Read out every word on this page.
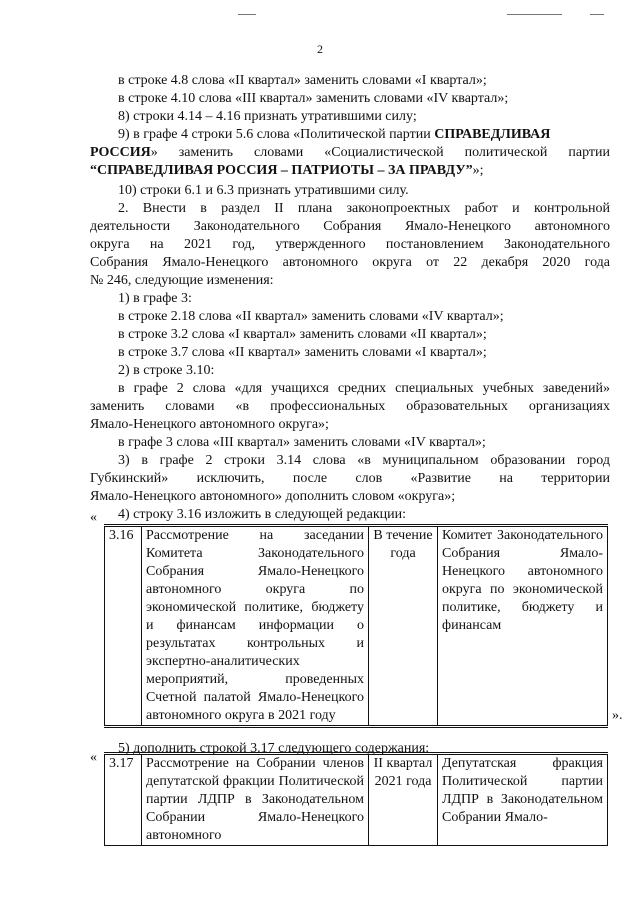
2
в строке 4.8 слова «II квартал» заменить словами «I квартал»;
в строке 4.10 слова «III квартал» заменить словами «IV квартал»;
8) строки 4.14 – 4.16 признать утратившими силу;
9) в графе 4 строки 5.6 слова «Политической партии СПРАВЕДЛИВАЯ
РОССИЯ» заменить словами «Социалистической политической партии
“СПРАВЕДЛИВАЯ РОССИЯ – ПАТРИОТЫ – ЗА ПРАВДУ”»;
10) строки 6.1 и 6.3 признать утратившими силу.
2. Внести в раздел II плана законопроектных работ и контрольной
деятельности Законодательного Собрания Ямало-Ненецкого автономного
округа на 2021 год, утвержденного постановлением Законодательного
Собрания Ямало-Ненецкого автономного округа от 22 декабря 2020 года
№ 246, следующие изменения:
1) в графе 3:
в строке 2.18 слова «II квартал» заменить словами «IV квартал»;
в строке 3.2 слова «I квартал» заменить словами «II квартал»;
в строке 3.7 слова «II квартал» заменить словами «I квартал»;
2) в строке 3.10:
в графе 2 слова «для учащихся средних специальных учебных заведений»
заменить словами «в профессиональных образовательных организациях
Ямало-Ненецкого автономного округа»;
в графе 3 слова «III квартал» заменить словами «IV квартал»;
3) в графе 2 строки 3.14 слова «в муниципальном образовании город
Губкинский» исключить, после слов «Развитие на территории
Ямало-Ненецкого автономного» дополнить словом «округа»;
4) строку 3.16 изложить в следующей редакции:
«
3.16	Рассмотрение на заседании Комитета Законодательного Собрания Ямало-Ненецкого автономного округа по экономической политике, бюджету и финансам информации о результатах контрольных и экспертно-аналитических мероприятий, проведенных Счетной палатой Ямало-Ненецкого автономного округа в 2021 году	В течение года	Комитет Законодательного Собрания Ямало-Ненецкого автономного округа по экономической политике, бюджету и финансам
».
5) дополнить строкой 3.17 следующего содержания:
« 3.17	Рассмотрение на Собрании членов депутатской фракции Политической партии ЛДПР в Законодательном Собрании Ямало-Ненецкого автономного	II квартал 2021 года	Депутатская фракция Политической партии ЛДПР в Законодательном Собрании Ямало-
